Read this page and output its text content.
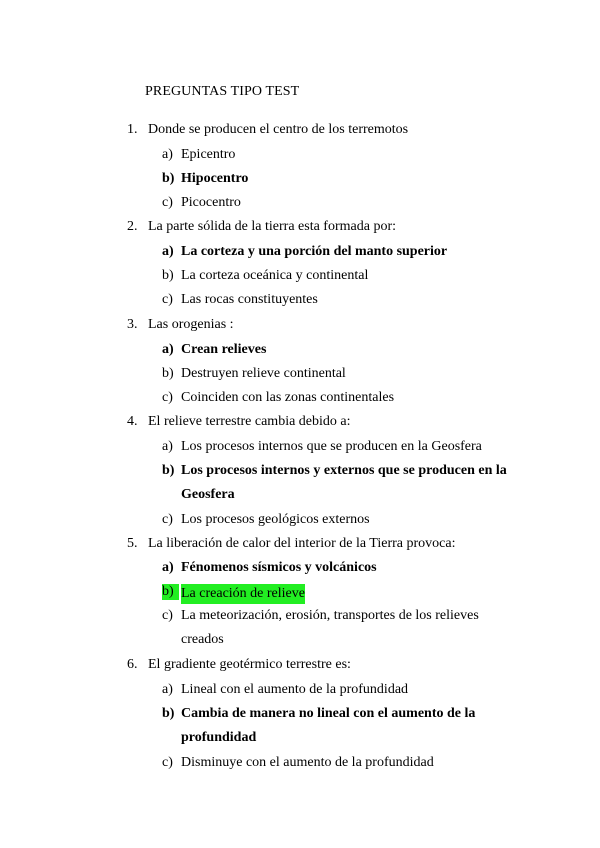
PREGUNTAS TIPO TEST
1. Donde se producen el centro de los terremotos
a) Epicentro
b) Hipocentro
c) Picocentro
2. La parte sólida de la tierra esta formada por:
a) La corteza y una porción del manto superior
b) La corteza oceánica y continental
c) Las rocas constituyentes
3. Las orogenias :
a) Crean relieves
b) Destruyen relieve continental
c) Coinciden con las zonas continentales
4. El relieve terrestre cambia debido a:
a) Los procesos internos que se producen en la Geosfera
b) Los procesos internos y externos que se producen en la Geosfera
c) Los procesos geológicos externos
5. La liberación de calor del interior de la Tierra provoca:
a) Fénomenos sísmicos y volcánicos
b) La creación de relieve
c) La meteorización, erosión, transportes de los relieves creados
6. El gradiente geotérmico terrestre es:
a) Lineal con el aumento de la profundidad
b) Cambia de manera no lineal con el aumento de la profundidad
c) Disminuye con el aumento de la profundidad
